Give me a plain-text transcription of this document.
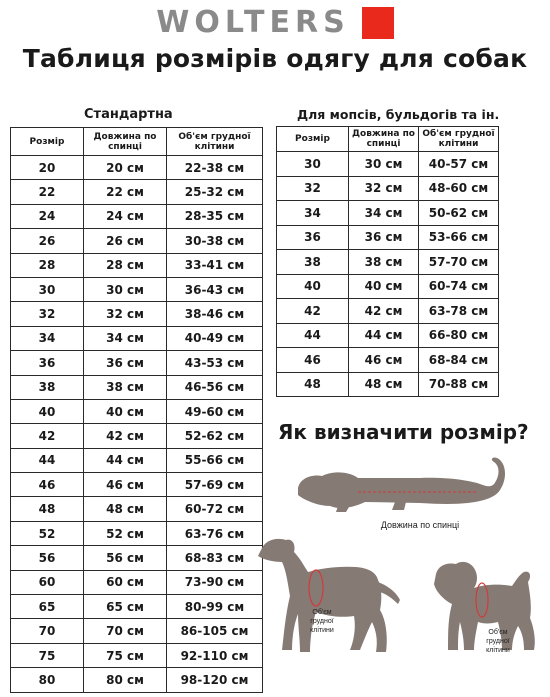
WOLTERS
Таблиця розмірів одягу для собак
Стандартна	Для мопсів, бульдогів та ін.
Розмір	Довжина по спинці	Об'єм грудної клітини
20	20 см	22-38 см
22	22 см	25-32 см
24	24 см	28-35 см
26	26 см	30-38 см
28	28 см	33-41 см
30	30 см	36-43 см
32	32 см	38-46 см
34	34 см	40-49 см
36	36 см	43-53 см
38	38 см	46-56 см
40	40 см	49-60 см
42	42 см	52-62 см
44	44 см	55-66 см
46	46 см	57-69 см
48	48 см	60-72 см
52	52 см	63-76 см
56	56 см	68-83 см
60	60 см	73-90 см
65	65 см	80-99 см
70	70 см	86-105 см
75	75 см	92-110 см
80	80 см	98-120 см
Розмір	Довжина по спинці	Об'єм грудної клітини
30	30 см	40-57 см
32	32 см	48-60 см
34	34 см	50-62 см
36	36 см	53-66 см
38	38 см	57-70 см
40	40 см	60-74 см
42	42 см	63-78 см
44	44 см	66-80 см
46	46 см	68-84 см
48	48 см	70-88 см
Як визначити розмір?
Довжина по спинці
Об'єм
грудної
клітини	Об'єм
грудної
клітини
